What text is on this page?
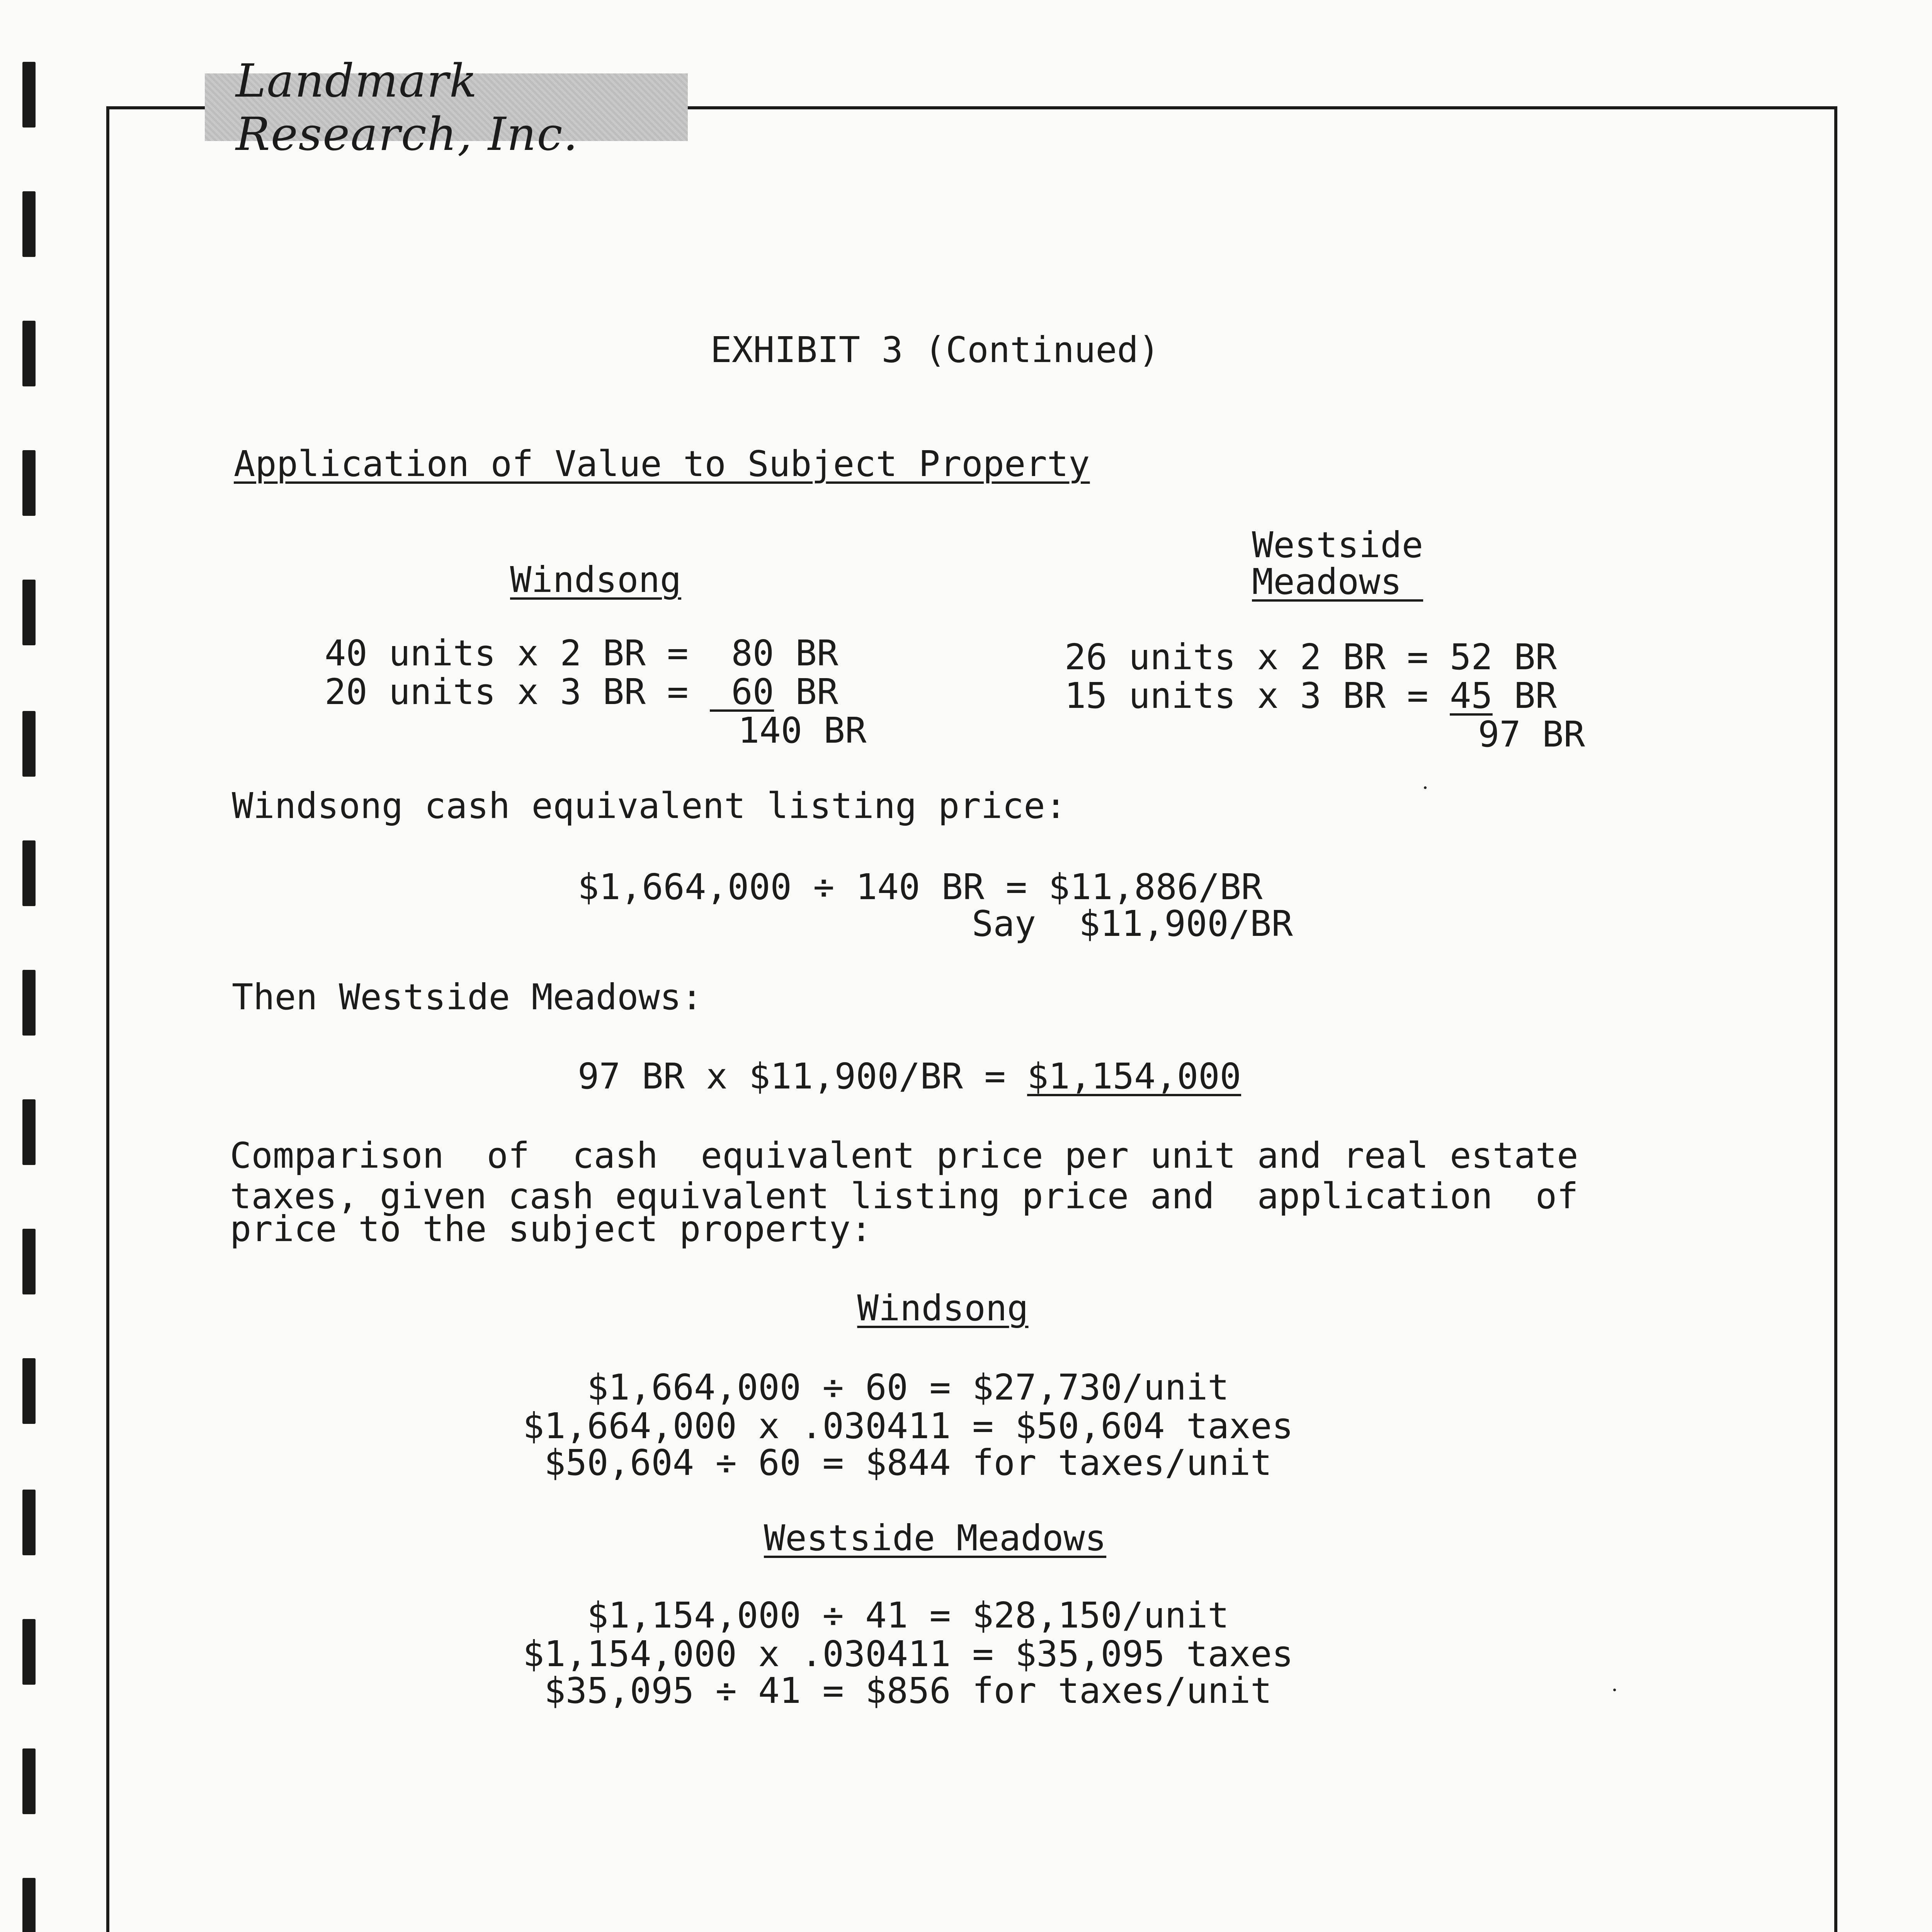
Landmark Research, Inc.
EXHIBIT 3 (Continued)
Application of Value to Subject Property
Windsong
40 units x 2 BR =  80 BR
20 units x 3 BR =  60 BR
140 BR
Westside
Meadows
26 units x 2 BR = 52 BR
15 units x 3 BR = 45 BR
97 BR
Windsong cash equivalent listing price:
$1,664,000 ÷ 140 BR = $11,886/BR
Say  $11,900/BR
Then Westside Meadows:
97 BR x $11,900/BR = $1,154,000
Comparison  of  cash  equivalent price per unit and real estate
taxes, given cash equivalent listing price and  application  of
price to the subject property:
Windsong
$1,664,000 ÷ 60 = $27,730/unit
$1,664,000 x .030411 = $50,604 taxes
$50,604 ÷ 60 = $844 for taxes/unit
Westside Meadows
$1,154,000 ÷ 41 = $28,150/unit
$1,154,000 x .030411 = $35,095 taxes
$35,095 ÷ 41 = $856 for taxes/unit
